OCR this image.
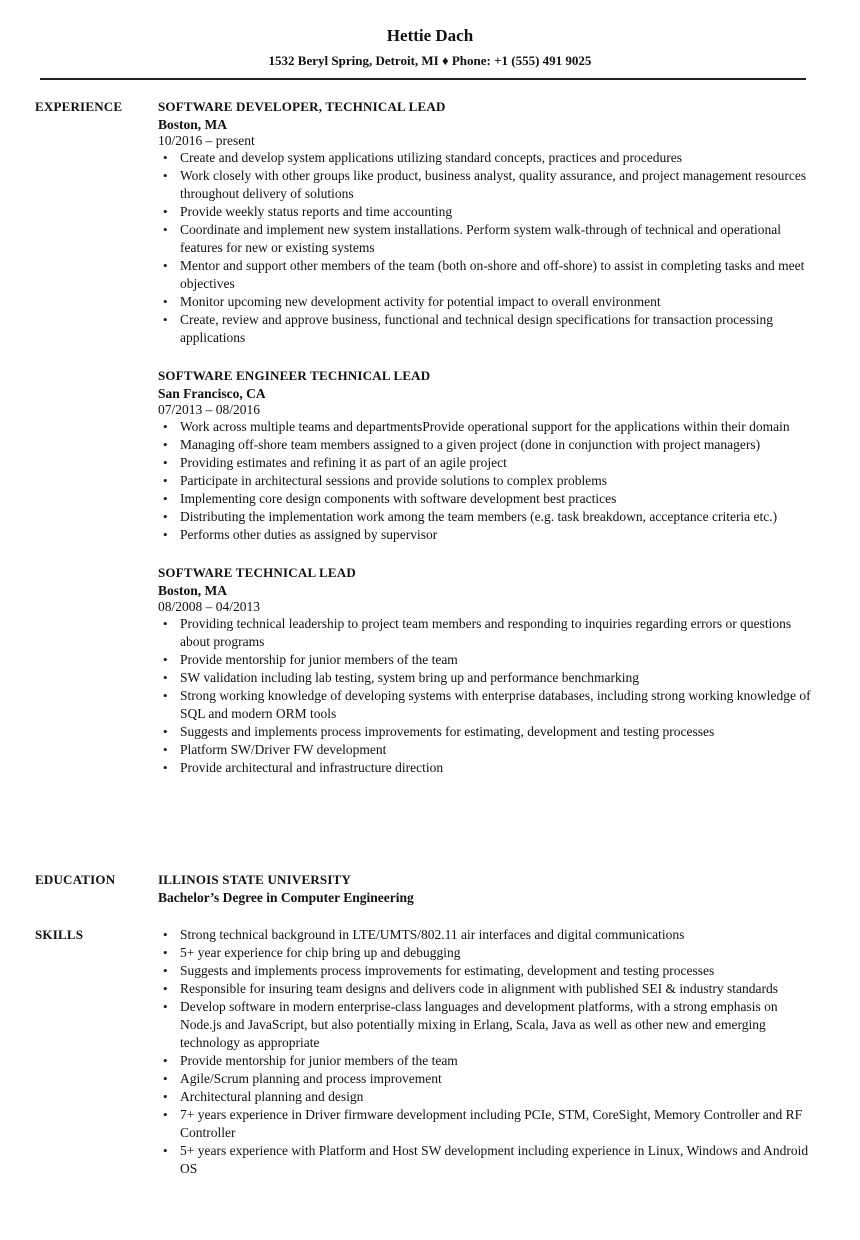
Hettie Dach
1532 Beryl Spring, Detroit, MI ♦ Phone: +1 (555) 491 9025
EXPERIENCE	SOFTWARE DEVELOPER, TECHNICAL LEAD
Boston, MA
10/2016 – present
• Create and develop system applications utilizing standard concepts, practices and procedures
• Work closely with other groups like product, business analyst, quality assurance, and project management resources throughout delivery of solutions
• Provide weekly status reports and time accounting
• Coordinate and implement new system installations. Perform system walk-through of technical and operational features for new or existing systems
• Mentor and support other members of the team (both on-shore and off-shore) to assist in completing tasks and meet objectives
• Monitor upcoming new development activity for potential impact to overall environment
• Create, review and approve business, functional and technical design specifications for transaction processing applications
SOFTWARE ENGINEER TECHNICAL LEAD
San Francisco, CA
07/2013 – 08/2016
• Work across multiple teams and departmentsProvide operational support for the applications within their domain
• Managing off-shore team members assigned to a given project (done in conjunction with project managers)
• Providing estimates and refining it as part of an agile project
• Participate in architectural sessions and provide solutions to complex problems
• Implementing core design components with software development best practices
• Distributing the implementation work among the team members (e.g. task breakdown, acceptance criteria etc.)
• Performs other duties as assigned by supervisor
SOFTWARE TECHNICAL LEAD
Boston, MA
08/2008 – 04/2013
• Providing technical leadership to project team members and responding to inquiries regarding errors or questions about programs
• Provide mentorship for junior members of the team
• SW validation including lab testing, system bring up and performance benchmarking
• Strong working knowledge of developing systems with enterprise databases, including strong working knowledge of SQL and modern ORM tools
• Suggests and implements process improvements for estimating, development and testing processes
• Platform SW/Driver FW development
• Provide architectural and infrastructure direction
EDUCATION	ILLINOIS STATE UNIVERSITY
Bachelor’s Degree in Computer Engineering
SKILLS
•	Strong technical background in LTE/UMTS/802.11 air interfaces and digital communications
• 5+ year experience for chip bring up and debugging
• Suggests and implements process improvements for estimating, development and testing processes
• Responsible for insuring team designs and delivers code in alignment with published SEI & industry standards
• Develop software in modern enterprise-class languages and development platforms, with a strong emphasis on Node.js and JavaScript, but also potentially mixing in Erlang, Scala, Java as well as other new and emerging technology as appropriate
• Provide mentorship for junior members of the team
• Agile/Scrum planning and process improvement
• Architectural planning and design
• 7+ years experience in Driver firmware development including PCIe, STM, CoreSight, Memory Controller and RF Controller
• 5+ years experience with Platform and Host SW development including experience in Linux, Windows and Android OS
